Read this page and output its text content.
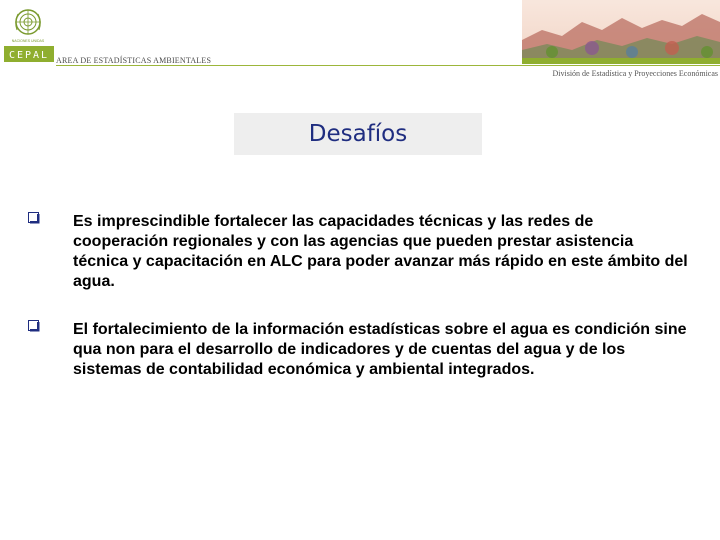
NACIONES UNIDAS
CEPAL AREA DE ESTADÍSTICAS AMBIENTALES
División de Estadística y Proyecciones Económicas
Desafíos
Es imprescindible fortalecer las capacidades técnicas y las redes de cooperación regionales y con las agencias que pueden prestar asistencia técnica y capacitación en ALC para poder avanzar más rápido en este ámbito del agua.
El fortalecimiento de la información estadísticas sobre el agua es condición sine qua non para el desarrollo de indicadores y de cuentas del agua y de los sistemas de contabilidad económica y ambiental integrados.
